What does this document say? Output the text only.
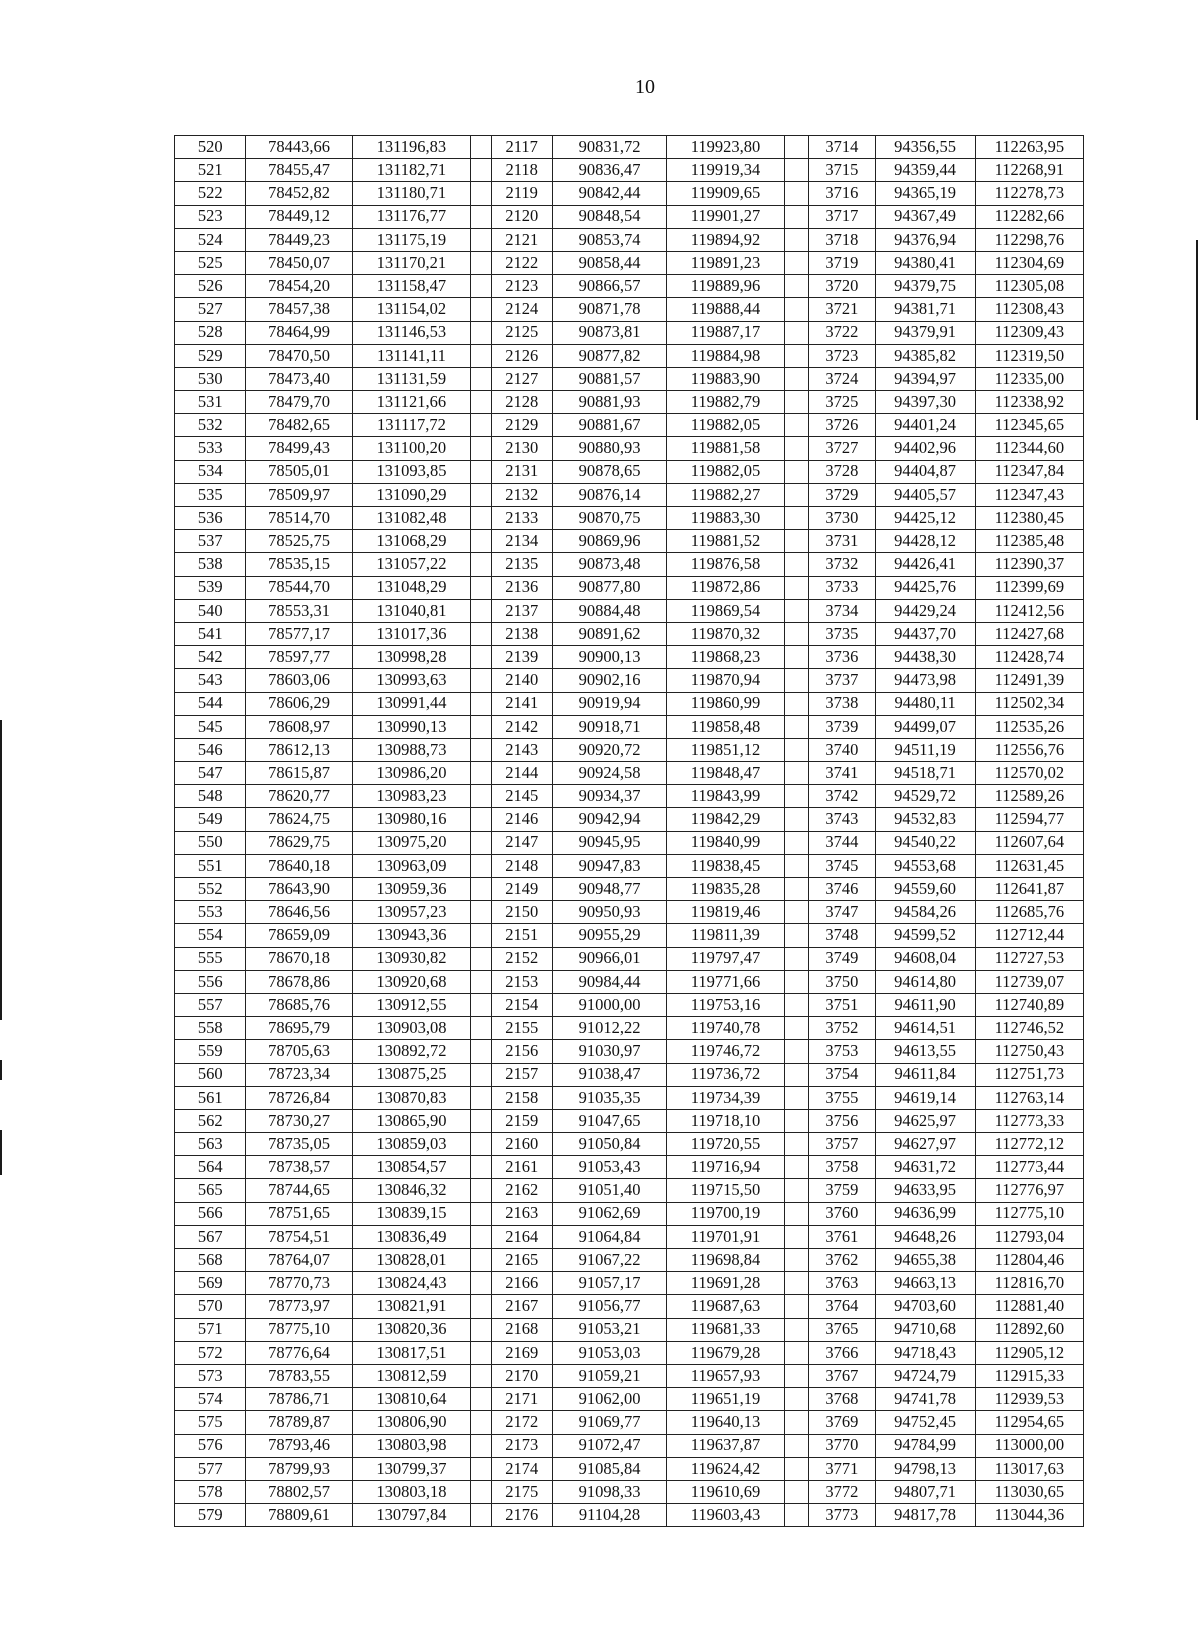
10
520	78443,66	131196,83		2117	90831,72	119923,80		3714	94356,55	112263,95
521	78455,47	131182,71		2118	90836,47	119919,34		3715	94359,44	112268,91
522	78452,82	131180,71		2119	90842,44	119909,65		3716	94365,19	112278,73
523	78449,12	131176,77		2120	90848,54	119901,27		3717	94367,49	112282,66
524	78449,23	131175,19		2121	90853,74	119894,92		3718	94376,94	112298,76
525	78450,07	131170,21		2122	90858,44	119891,23		3719	94380,41	112304,69
526	78454,20	131158,47		2123	90866,57	119889,96		3720	94379,75	112305,08
527	78457,38	131154,02		2124	90871,78	119888,44		3721	94381,71	112308,43
528	78464,99	131146,53		2125	90873,81	119887,17		3722	94379,91	112309,43
529	78470,50	131141,11		2126	90877,82	119884,98		3723	94385,82	112319,50
530	78473,40	131131,59		2127	90881,57	119883,90		3724	94394,97	112335,00
531	78479,70	131121,66		2128	90881,93	119882,79		3725	94397,30	112338,92
532	78482,65	131117,72		2129	90881,67	119882,05		3726	94401,24	112345,65
533	78499,43	131100,20		2130	90880,93	119881,58		3727	94402,96	112344,60
534	78505,01	131093,85		2131	90878,65	119882,05		3728	94404,87	112347,84
535	78509,97	131090,29		2132	90876,14	119882,27		3729	94405,57	112347,43
536	78514,70	131082,48		2133	90870,75	119883,30		3730	94425,12	112380,45
537	78525,75	131068,29		2134	90869,96	119881,52		3731	94428,12	112385,48
538	78535,15	131057,22		2135	90873,48	119876,58		3732	94426,41	112390,37
539	78544,70	131048,29		2136	90877,80	119872,86		3733	94425,76	112399,69
540	78553,31	131040,81		2137	90884,48	119869,54		3734	94429,24	112412,56
541	78577,17	131017,36		2138	90891,62	119870,32		3735	94437,70	112427,68
542	78597,77	130998,28		2139	90900,13	119868,23		3736	94438,30	112428,74
543	78603,06	130993,63		2140	90902,16	119870,94		3737	94473,98	112491,39
544	78606,29	130991,44		2141	90919,94	119860,99		3738	94480,11	112502,34
545	78608,97	130990,13		2142	90918,71	119858,48		3739	94499,07	112535,26
546	78612,13	130988,73		2143	90920,72	119851,12		3740	94511,19	112556,76
547	78615,87	130986,20		2144	90924,58	119848,47		3741	94518,71	112570,02
548	78620,77	130983,23		2145	90934,37	119843,99		3742	94529,72	112589,26
549	78624,75	130980,16		2146	90942,94	119842,29		3743	94532,83	112594,77
550	78629,75	130975,20		2147	90945,95	119840,99		3744	94540,22	112607,64
551	78640,18	130963,09		2148	90947,83	119838,45		3745	94553,68	112631,45
552	78643,90	130959,36		2149	90948,77	119835,28		3746	94559,60	112641,87
553	78646,56	130957,23		2150	90950,93	119819,46		3747	94584,26	112685,76
554	78659,09	130943,36		2151	90955,29	119811,39		3748	94599,52	112712,44
555	78670,18	130930,82		2152	90966,01	119797,47		3749	94608,04	112727,53
556	78678,86	130920,68		2153	90984,44	119771,66		3750	94614,80	112739,07
557	78685,76	130912,55		2154	91000,00	119753,16		3751	94611,90	112740,89
558	78695,79	130903,08		2155	91012,22	119740,78		3752	94614,51	112746,52
559	78705,63	130892,72		2156	91030,97	119746,72		3753	94613,55	112750,43
560	78723,34	130875,25		2157	91038,47	119736,72		3754	94611,84	112751,73
561	78726,84	130870,83		2158	91035,35	119734,39		3755	94619,14	112763,14
562	78730,27	130865,90		2159	91047,65	119718,10		3756	94625,97	112773,33
563	78735,05	130859,03		2160	91050,84	119720,55		3757	94627,97	112772,12
564	78738,57	130854,57		2161	91053,43	119716,94		3758	94631,72	112773,44
565	78744,65	130846,32		2162	91051,40	119715,50		3759	94633,95	112776,97
566	78751,65	130839,15		2163	91062,69	119700,19		3760	94636,99	112775,10
567	78754,51	130836,49		2164	91064,84	119701,91		3761	94648,26	112793,04
568	78764,07	130828,01		2165	91067,22	119698,84		3762	94655,38	112804,46
569	78770,73	130824,43		2166	91057,17	119691,28		3763	94663,13	112816,70
570	78773,97	130821,91		2167	91056,77	119687,63		3764	94703,60	112881,40
571	78775,10	130820,36		2168	91053,21	119681,33		3765	94710,68	112892,60
572	78776,64	130817,51		2169	91053,03	119679,28		3766	94718,43	112905,12
573	78783,55	130812,59		2170	91059,21	119657,93		3767	94724,79	112915,33
574	78786,71	130810,64		2171	91062,00	119651,19		3768	94741,78	112939,53
575	78789,87	130806,90		2172	91069,77	119640,13		3769	94752,45	112954,65
576	78793,46	130803,98		2173	91072,47	119637,87		3770	94784,99	113000,00
577	78799,93	130799,37		2174	91085,84	119624,42		3771	94798,13	113017,63
578	78802,57	130803,18		2175	91098,33	119610,69		3772	94807,71	113030,65
579	78809,61	130797,84		2176	91104,28	119603,43		3773	94817,78	113044,36
